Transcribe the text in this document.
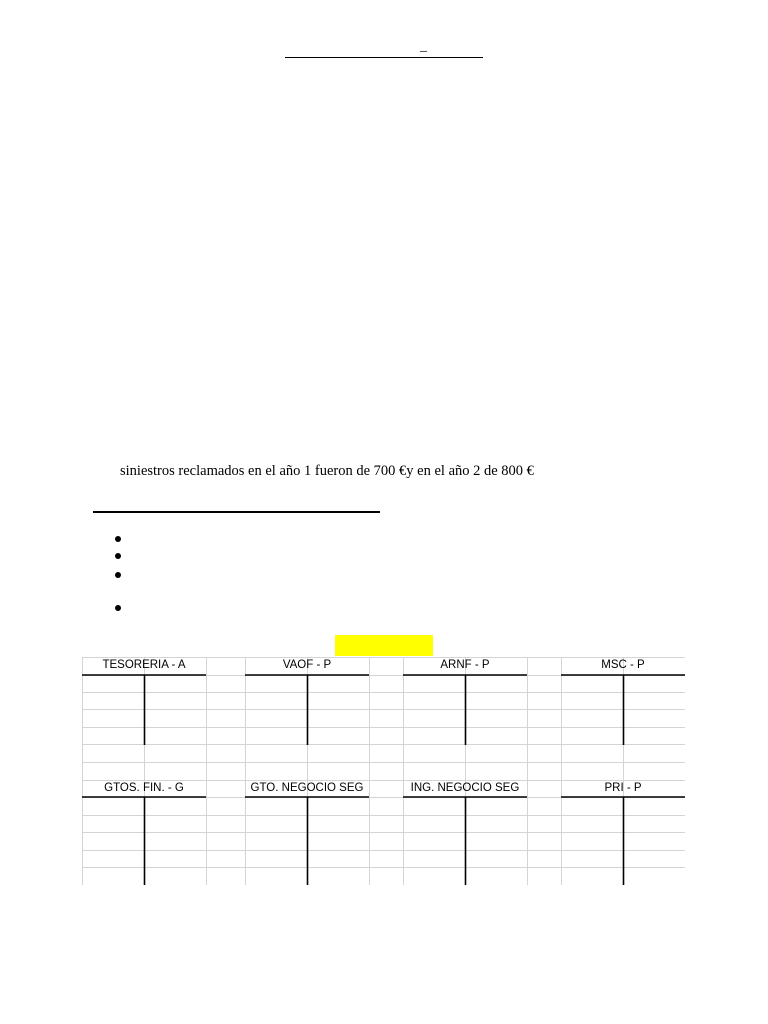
_
siniestros reclamados en el año 1 fueron de 700 €y en el año 2 de 800 €
TESORERIA - A	VAOF - P	ARNF - P	MSC - P
GTOS. FIN. - G	GTO. NEGOCIO SEG	ING. NEGOCIO SEG	PRI - P
